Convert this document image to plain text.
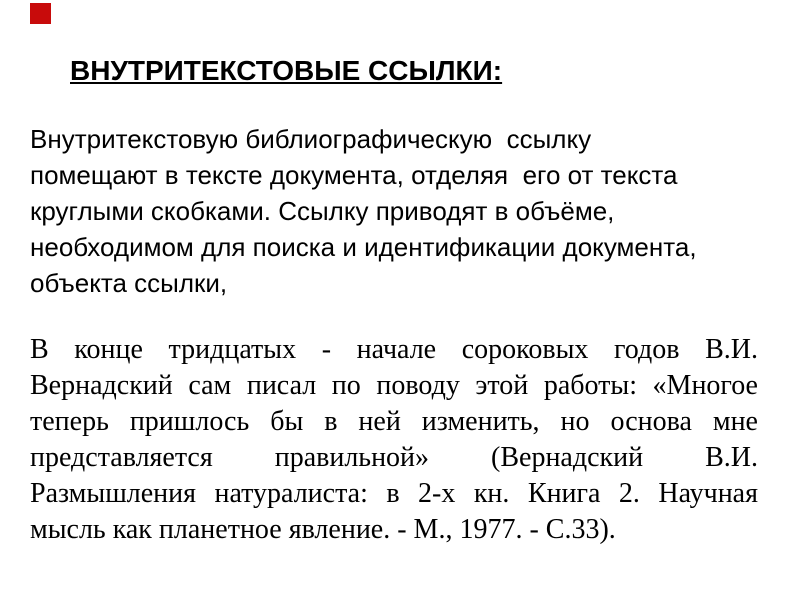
ВНУТРИТЕКСТОВЫЕ ССЫЛКИ:
Внутритекстовую библиографическую  ссылку
помещают в тексте документа, отделяя  его от текста
круглыми скобками. Ссылку приводят в объёме,
необходимом для поиска и идентификации документа,
объекта ссылки,
В конце тридцатых - начале сороковых годов В.И.
Вернадский сам писал по поводу этой работы: «Многое
теперь пришлось бы в ней изменить, но основа мне
представляется правильной» (Вернадский В.И.
Размышления натуралиста: в 2-х кн. Книга 2. Научная
мысль как планетное явление. - М., 1977. - С.33).
